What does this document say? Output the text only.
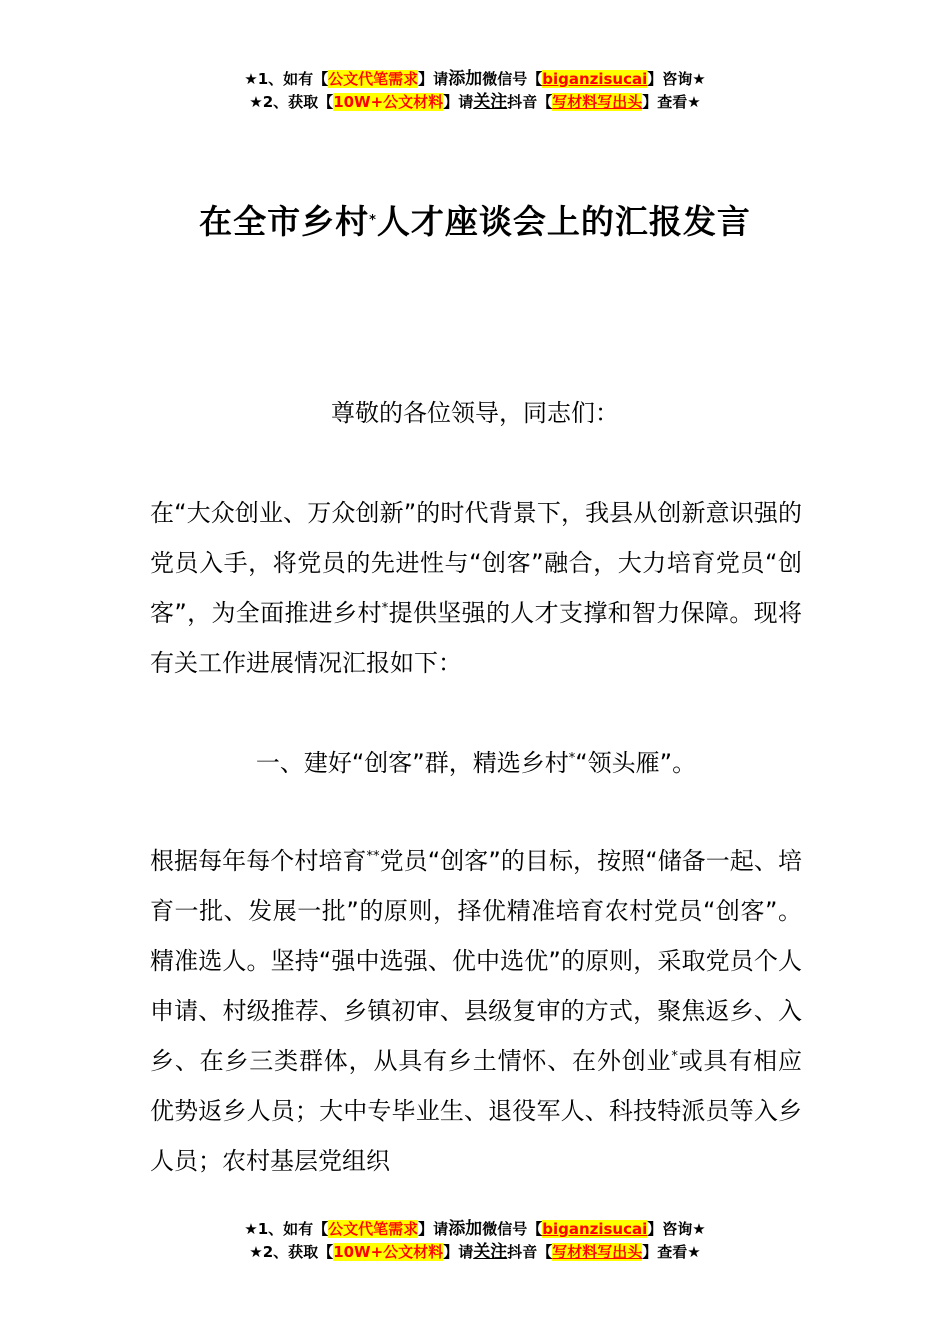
★1、如有【公文代笔需求】请添加微信号【biganzisucai】咨询★
★2、获取【10W+公文材料】请关注抖音【写材料写出头】查看★
在全市乡村*人才座谈会上的汇报发言
尊敬的各位领导，同志们：
在“大众创业、万众创新”的时代背景下，我县从创新意识强的党员入手，将党员的先进性与“创客”融合，大力培育党员“创客”，为全面推进乡村*提供坚强的人才支撑和智力保障。现将有关工作进展情况汇报如下：
一、建好“创客”群，精选乡村*“领头雁”。
根据每年每个村培育**党员“创客”的目标，按照“储备一起、培育一批、发展一批”的原则，择优精准培育农村党员“创客”。精准选人。坚持“强中选强、优中选优”的原则，采取党员个人申请、村级推荐、乡镇初审、县级复审的方式，聚焦返乡、入乡、在乡三类群体，从具有乡土情怀、在外创业*或具有相应优势返乡人员；大中专毕业生、退役军人、科技特派员等入乡人员；农村基层党组织
★1、如有【公文代笔需求】请添加微信号【biganzisucai】咨询★
★2、获取【10W+公文材料】请关注抖音【写材料写出头】查看★
